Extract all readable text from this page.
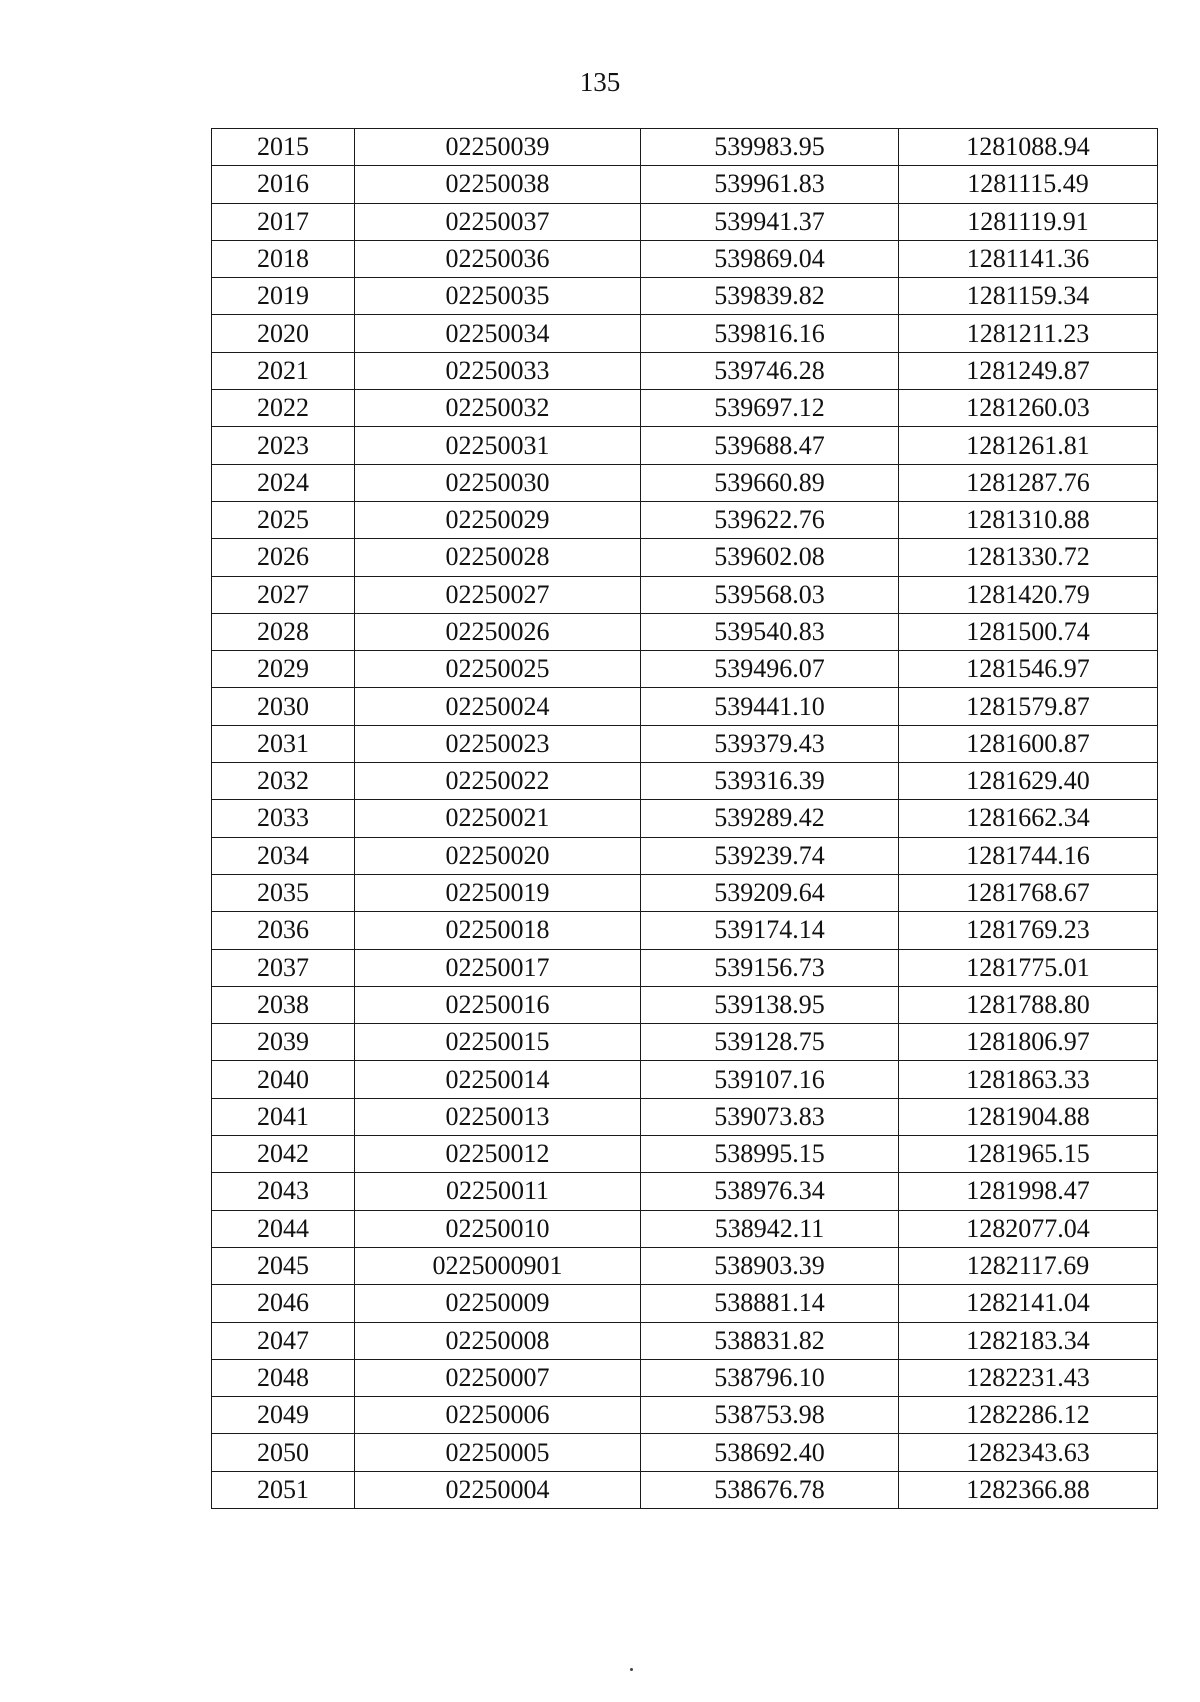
135
2015	02250039	539983.95	1281088.94
2016	02250038	539961.83	1281115.49
2017	02250037	539941.37	1281119.91
2018	02250036	539869.04	1281141.36
2019	02250035	539839.82	1281159.34
2020	02250034	539816.16	1281211.23
2021	02250033	539746.28	1281249.87
2022	02250032	539697.12	1281260.03
2023	02250031	539688.47	1281261.81
2024	02250030	539660.89	1281287.76
2025	02250029	539622.76	1281310.88
2026	02250028	539602.08	1281330.72
2027	02250027	539568.03	1281420.79
2028	02250026	539540.83	1281500.74
2029	02250025	539496.07	1281546.97
2030	02250024	539441.10	1281579.87
2031	02250023	539379.43	1281600.87
2032	02250022	539316.39	1281629.40
2033	02250021	539289.42	1281662.34
2034	02250020	539239.74	1281744.16
2035	02250019	539209.64	1281768.67
2036	02250018	539174.14	1281769.23
2037	02250017	539156.73	1281775.01
2038	02250016	539138.95	1281788.80
2039	02250015	539128.75	1281806.97
2040	02250014	539107.16	1281863.33
2041	02250013	539073.83	1281904.88
2042	02250012	538995.15	1281965.15
2043	02250011	538976.34	1281998.47
2044	02250010	538942.11	1282077.04
2045	0225000901	538903.39	1282117.69
2046	02250009	538881.14	1282141.04
2047	02250008	538831.82	1282183.34
2048	02250007	538796.10	1282231.43
2049	02250006	538753.98	1282286.12
2050	02250005	538692.40	1282343.63
2051	02250004	538676.78	1282366.88
